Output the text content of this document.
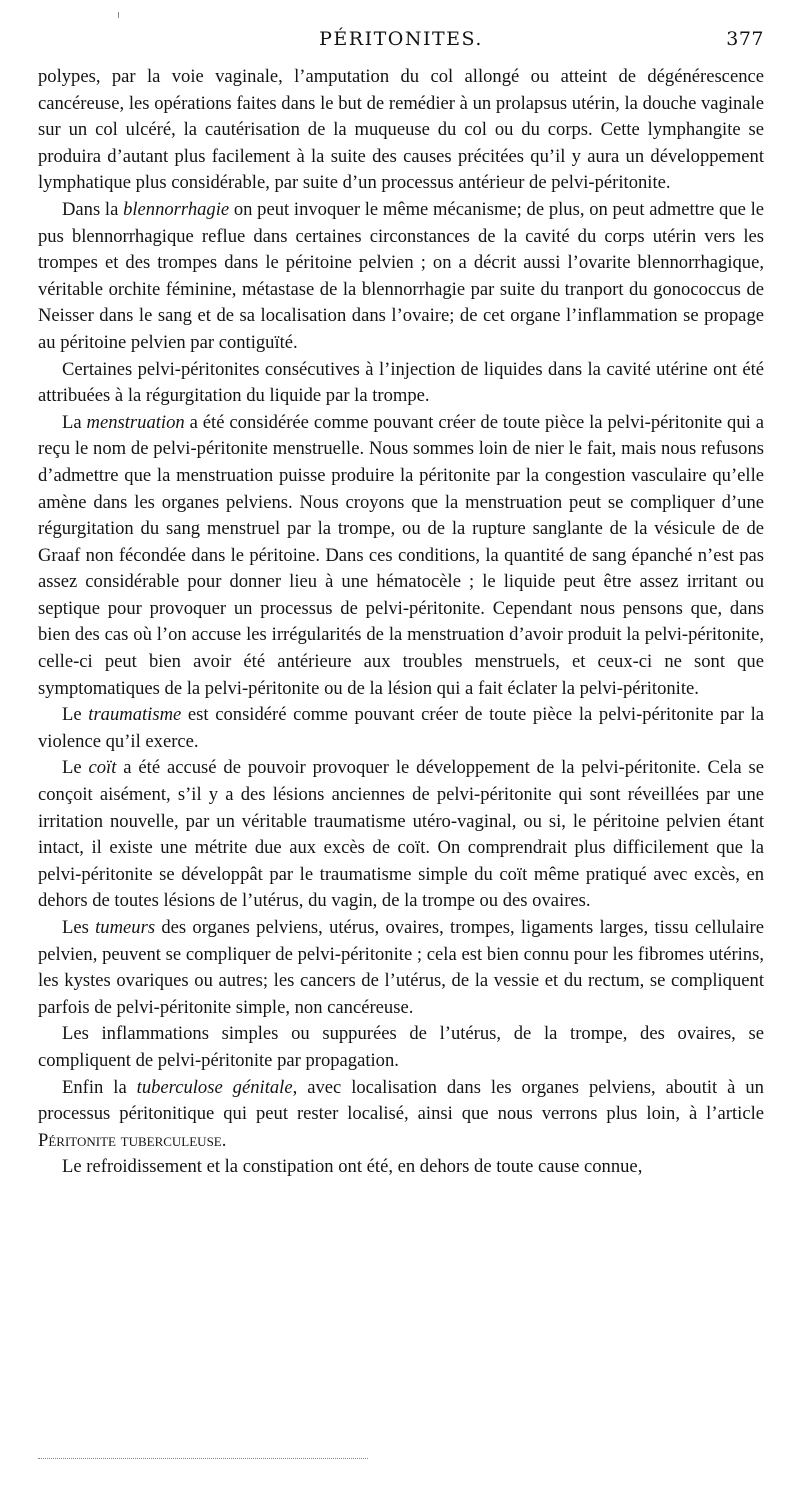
PÉRITONITES.	377

polypes, par la voie vaginale, l’amputation du col allongé ou atteint de dégénérescence cancéreuse, les opérations faites dans le but de remédier à un prolapsus utérin, la douche vaginale sur un col ulcéré, la cautérisation de la muqueuse du col ou du corps. Cette lymphangite se produira d’autant plus facilement à la suite des causes précitées qu’il y aura un développement lymphatique plus considérable, par suite d’un processus antérieur de pelvi-péritonite.

Dans la blennorrhagie on peut invoquer le même mécanisme; de plus, on peut admettre que le pus blennorrhagique reflue dans certaines circonstances de la cavité du corps utérin vers les trompes et des trompes dans le péritoine pelvien ; on a décrit aussi l’ovarite blennorrhagique, véritable orchite féminine, métastase de la blennorrhagie par suite du tranport du gonococcus de Neisser dans le sang et de sa localisation dans l’ovaire; de cet organe l’inflammation se propage au péritoine pelvien par contiguïté.

Certaines pelvi-péritonites consécutives à l’injection de liquides dans la cavité utérine ont été attribuées à la régurgitation du liquide par la trompe.

La menstruation a été considérée comme pouvant créer de toute pièce la pelvi-péritonite qui a reçu le nom de pelvi-péritonite menstruelle. Nous sommes loin de nier le fait, mais nous refusons d’admettre que la menstruation puisse produire la péritonite par la congestion vasculaire qu’elle amène dans les organes pelviens. Nous croyons que la menstruation peut se compliquer d’une régurgitation du sang menstruel par la trompe, ou de la rupture sanglante de la vésicule de de Graaf non fécondée dans le péritoine. Dans ces conditions, la quantité de sang épanché n’est pas assez considérable pour donner lieu à une hématocèle ; le liquide peut être assez irritant ou septique pour provoquer un processus de pelvi-péritonite. Cependant nous pensons que, dans bien des cas où l’on accuse les irrégularités de la menstruation d’avoir produit la pelvi-péritonite, celle-ci peut bien avoir été antérieure aux troubles menstruels, et ceux-ci ne sont que symptomatiques de la pelvi-péritonite ou de la lésion qui a fait éclater la pelvi-péritonite.

Le traumatisme est considéré comme pouvant créer de toute pièce la pelvi-péritonite par la violence qu’il exerce.

Le coït a été accusé de pouvoir provoquer le développement de la pelvi-péritonite. Cela se conçoit aisément, s’il y a des lésions anciennes de pelvi-péritonite qui sont réveillées par une irritation nouvelle, par un véritable traumatisme utéro-vaginal, ou si, le péritoine pelvien étant intact, il existe une métrite due aux excès de coït. On comprendrait plus difficilement que la pelvi-péritonite se développât par le traumatisme simple du coït même pratiqué avec excès, en dehors de toutes lésions de l’utérus, du vagin, de la trompe ou des ovaires.

Les tumeurs des organes pelviens, utérus, ovaires, trompes, ligaments larges, tissu cellulaire pelvien, peuvent se compliquer de pelvi-péritonite ; cela est bien connu pour les fibromes utérins, les kystes ovariques ou autres; les cancers de l’utérus, de la vessie et du rectum, se compliquent parfois de pelvi-péritonite simple, non cancéreuse.

Les inflammations simples ou suppurées de l’utérus, de la trompe, des ovaires, se compliquent de pelvi-péritonite par propagation.

Enfin la tuberculose génitale, avec localisation dans les organes pelviens, aboutit à un processus péritonitique qui peut rester localisé, ainsi que nous verrons plus loin, à l’article Péritonite tuberculeuse.

Le refroidissement et la constipation ont été, en dehors de toute cause connue,
